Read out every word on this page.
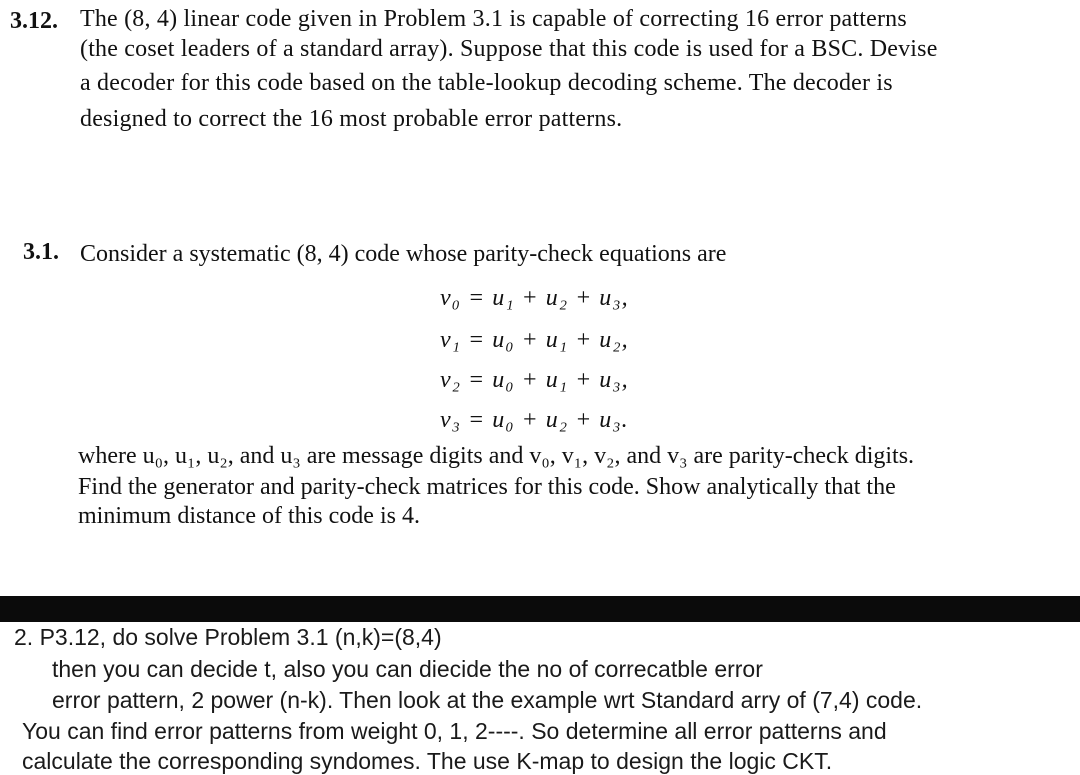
3.12. The (8, 4) linear code given in Problem 3.1 is capable of correcting 16 error patterns
(the coset leaders of a standard array). Suppose that this code is used for a BSC. Devise
a decoder for this code based on the table-lookup decoding scheme. The decoder is
designed to correct the 16 most probable error patterns.
3.1. Consider a systematic (8, 4) code whose parity-check equations are
v₀ = u₁ + u₂ + u₃,
v₁ = u₀ + u₁ + u₂,
v₂ = u₀ + u₁ + u₃,
v₃ = u₀ + u₂ + u₃.
where u₀, u₁, u₂, and u₃ are message digits and v₀, v₁, v₂, and v₃ are parity-check digits.
Find the generator and parity-check matrices for this code. Show analytically that the
minimum distance of this code is 4.
2. P3.12, do solve Problem 3.1 (n,k)=(8,4)
then you can decide t, also you can diecide the no of correcatble error
error pattern, 2 power (n-k). Then look at the example wrt Standard arry of (7,4) code.
You can find error patterns from weight 0, 1, 2----. So determine all error patterns and
calculate the corresponding syndomes. The use K-map to design the logic CKT.
